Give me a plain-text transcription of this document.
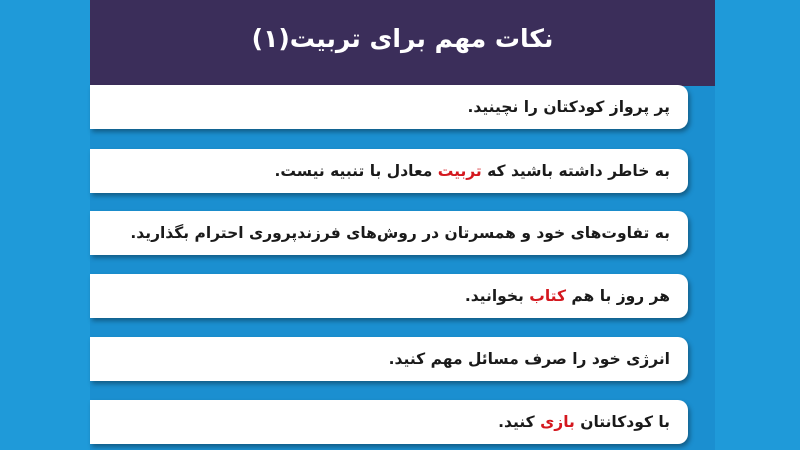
نکات مهم برای تربیت(۱)
پر پرواز کودکتان را نچینید.
به خاطر داشته باشید که تربیت معادل با تنبیه نیست.
به تفاوت‌های خود و همسرتان در روش‌های فرزندپروری احترام بگذارید.
هر روز با هم کتاب بخوانید.
انرژی خود را صرف مسائل مهم کنید.
با کودکانتان بازی کنید.
